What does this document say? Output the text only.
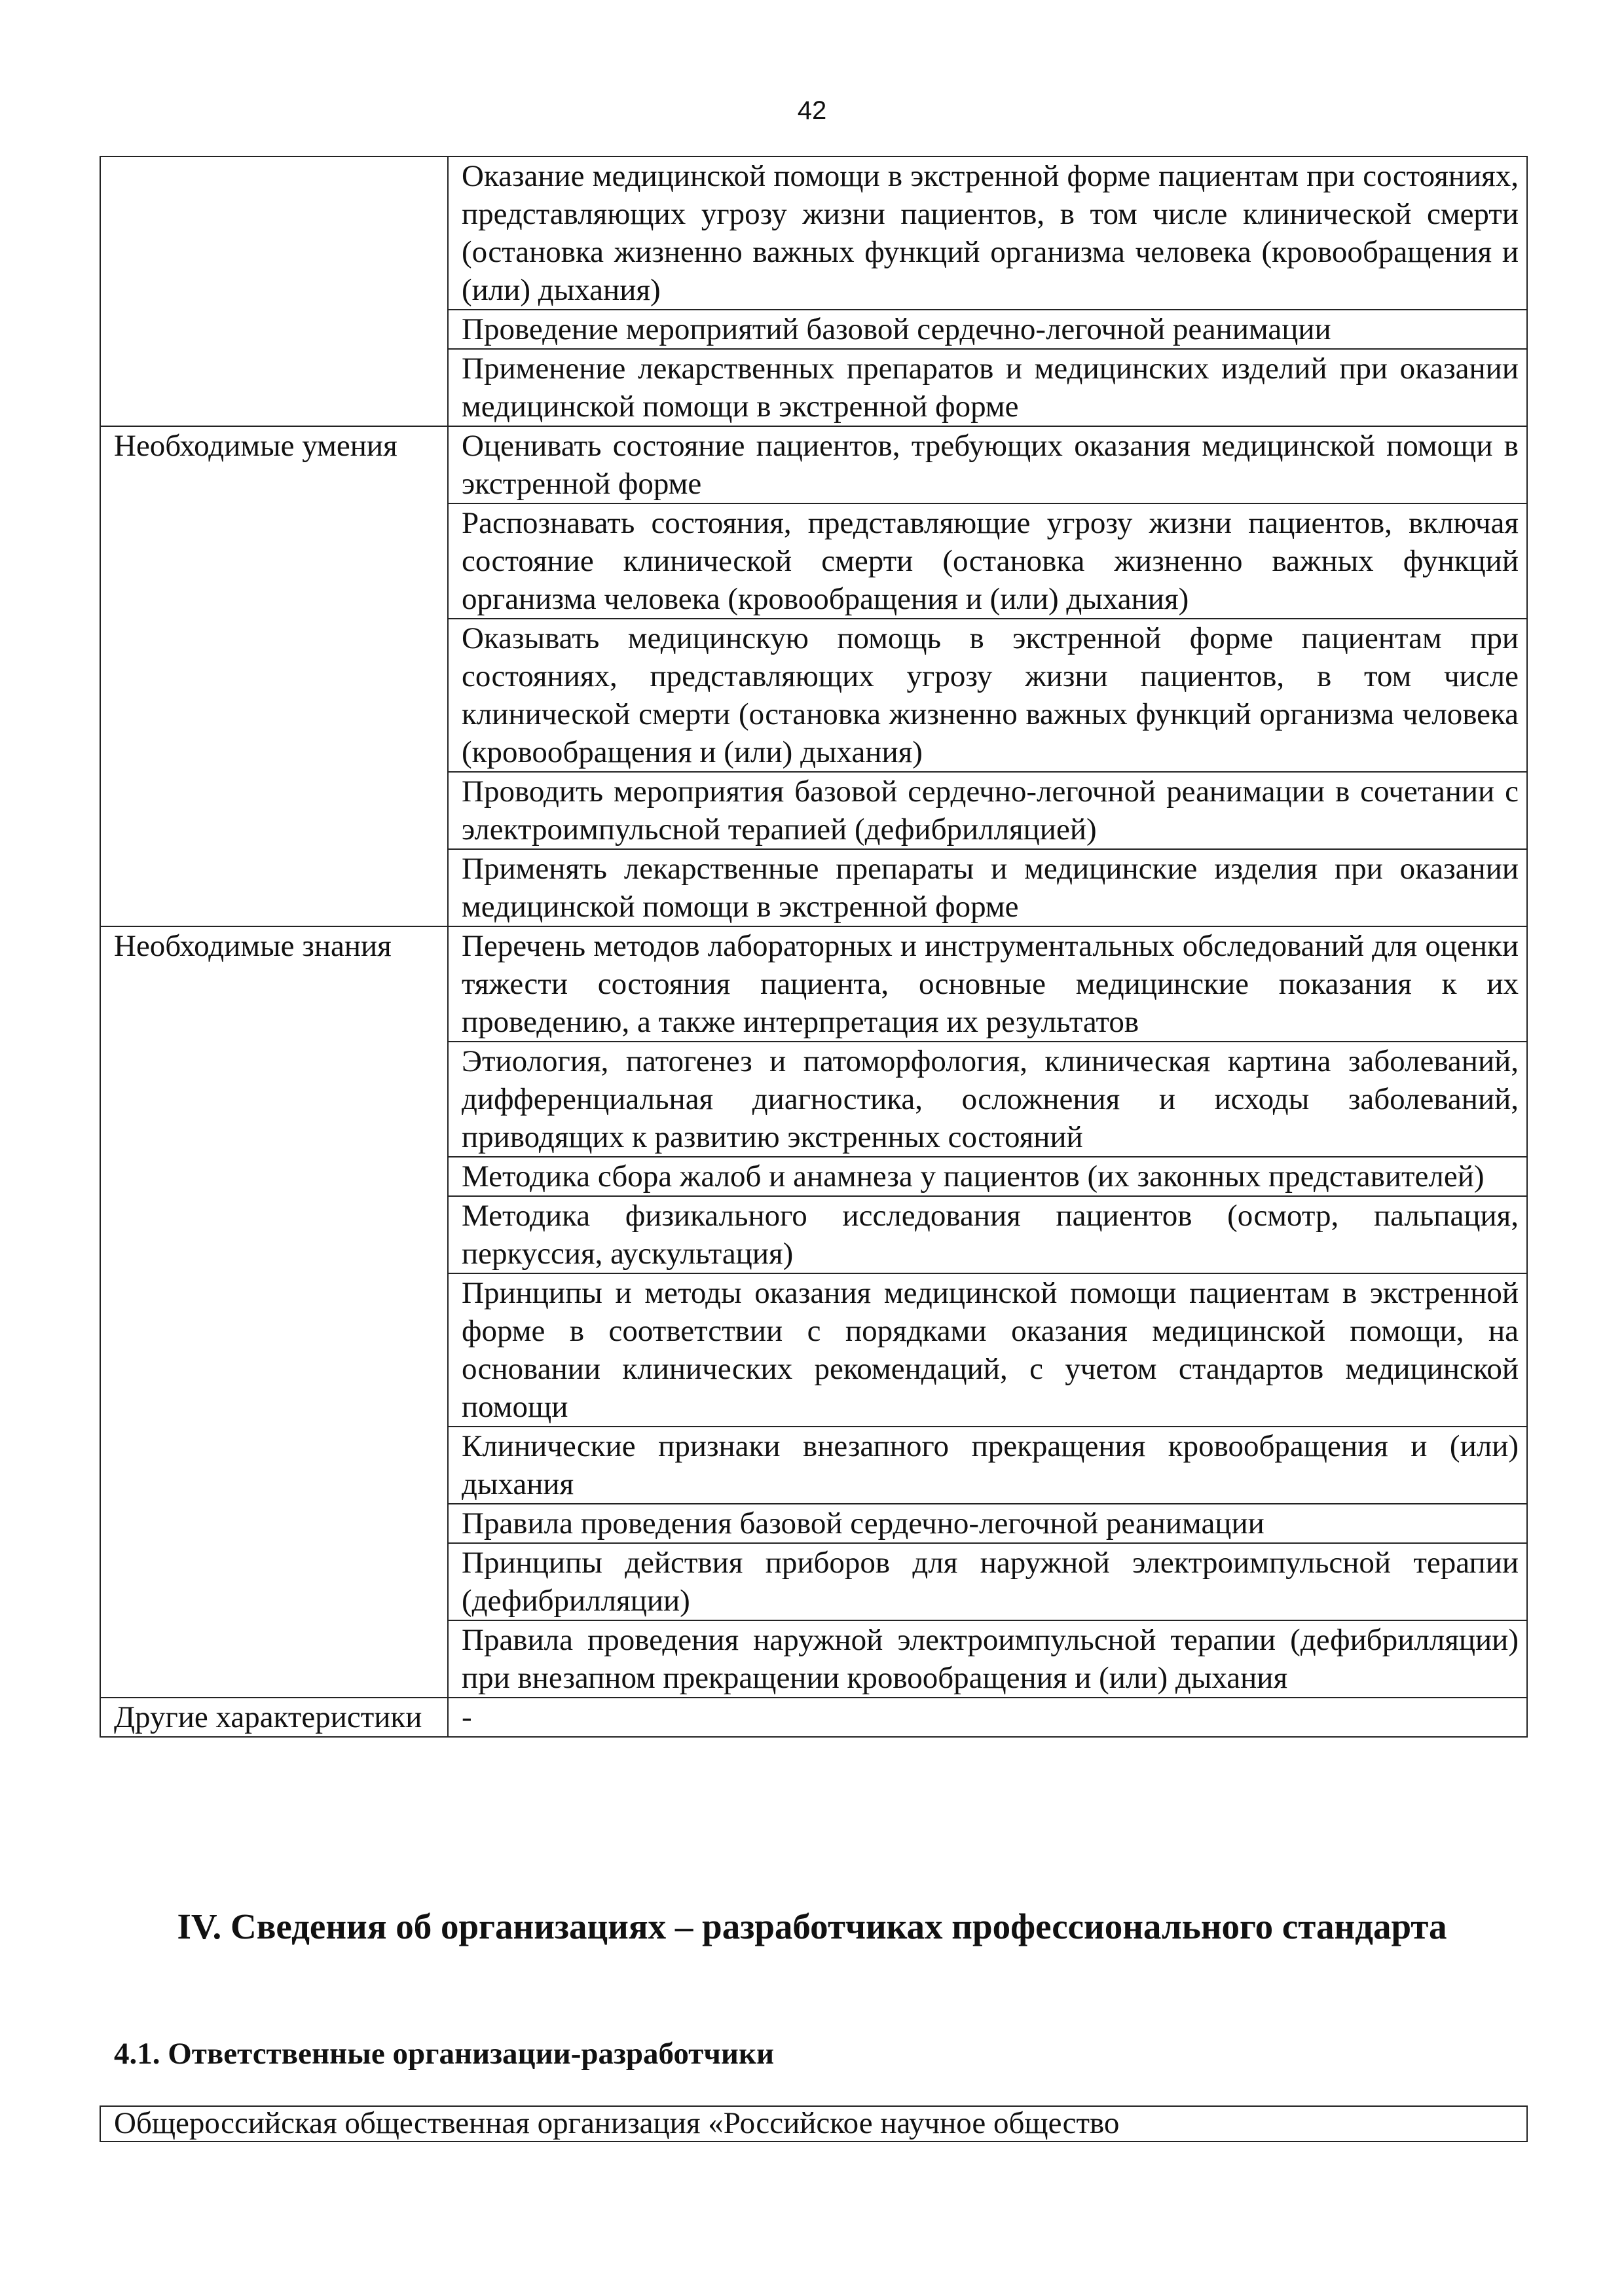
42
	Оказание медицинской помощи в экстренной форме пациентам при состояниях, представляющих угрозу жизни пациентов, в том числе клинической смерти (остановка жизненно важных функций организма человека (кровообращения и (или) дыхания)
	Проведение мероприятий базовой сердечно-легочной реанимации
	Применение лекарственных препаратов и медицинских изделий при оказании медицинской помощи в экстренной форме
Необходимые умения	Оценивать состояние пациентов, требующих оказания медицинской помощи в экстренной форме
	Распознавать состояния, представляющие угрозу жизни пациентов, включая состояние клинической смерти (остановка жизненно важных функций организма человека (кровообращения и (или) дыхания)
	Оказывать медицинскую помощь в экстренной форме пациентам при состояниях, представляющих угрозу жизни пациентов, в том числе клинической смерти (остановка жизненно важных функций организма человека (кровообращения и (или) дыхания)
	Проводить мероприятия базовой сердечно-легочной реанимации в сочетании с электроимпульсной терапией (дефибрилляцией)
	Применять лекарственные препараты и медицинские изделия при оказании медицинской помощи в экстренной форме
Необходимые знания	Перечень методов лабораторных и инструментальных обследований для оценки тяжести состояния пациента, основные медицинские показания к их проведению, а также интерпретация их результатов
	Этиология, патогенез и патоморфология, клиническая картина заболеваний, дифференциальная диагностика, осложнения и исходы заболеваний, приводящих к развитию экстренных состояний
	Методика сбора жалоб и анамнеза у пациентов (их законных представителей)
	Методика физикального исследования пациентов (осмотр, пальпация, перкуссия, аускультация)
	Принципы и методы оказания медицинской помощи пациентам в экстренной форме в соответствии с порядками оказания медицинской помощи, на основании клинических рекомендаций, с учетом стандартов медицинской помощи
	Клинические признаки внезапного прекращения кровообращения и (или) дыхания
	Правила проведения базовой сердечно-легочной реанимации
	Принципы действия приборов для наружной электроимпульсной терапии (дефибрилляции)
	Правила проведения наружной электроимпульсной терапии (дефибрилляции) при внезапном прекращении кровообращения и (или) дыхания
Другие характеристики	-
IV. Сведения об организациях – разработчиках профессионального стандарта
4.1. Ответственные организации-разработчики
Общероссийская общественная организация «Российское научное общество
